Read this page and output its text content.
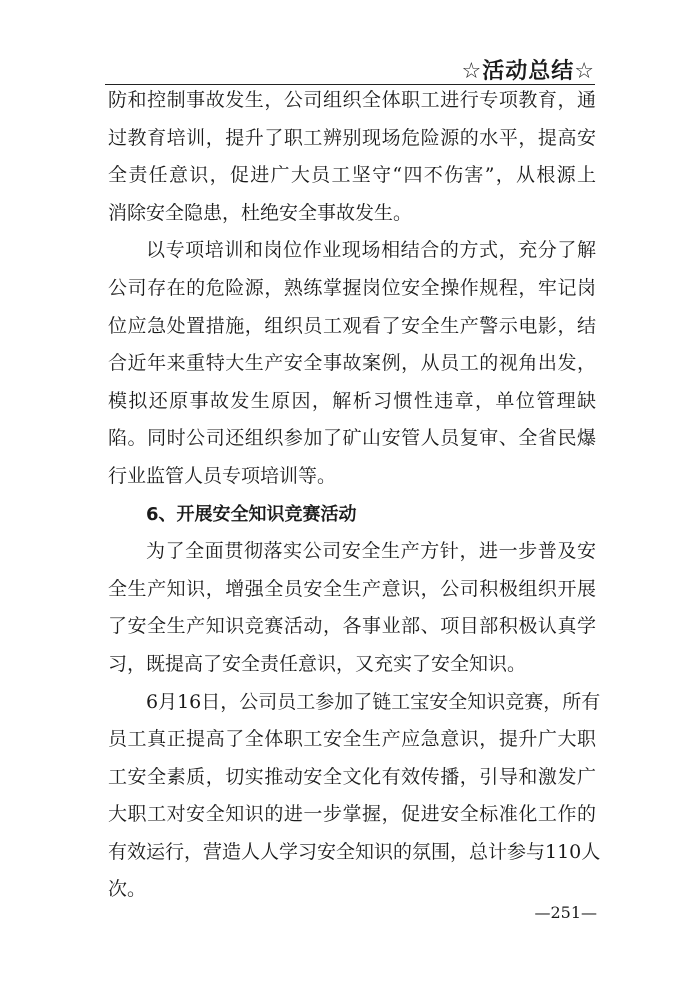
☆活动总结☆
防和控制事故发生，公司组织全体职工进行专项教育，通
过教育培训，提升了职工辨别现场危险源的水平，提高安
全责任意识，促进广大员工坚守“四不伤害”，从根源上
消除安全隐患，杜绝安全事故发生。
以专项培训和岗位作业现场相结合的方式，充分了解
公司存在的危险源，熟练掌握岗位安全操作规程，牢记岗
位应急处置措施，组织员工观看了安全生产警示电影，结
合近年来重特大生产安全事故案例，从员工的视角出发，
模拟还原事故发生原因，解析习惯性违章，单位管理缺
陷。同时公司还组织参加了矿山安管人员复审、全省民爆
行业监管人员专项培训等。
6、开展安全知识竞赛活动
为了全面贯彻落实公司安全生产方针，进一步普及安
全生产知识，增强全员安全生产意识，公司积极组织开展
了安全生产知识竞赛活动，各事业部、项目部积极认真学
习，既提高了安全责任意识，又充实了安全知识。
6月16日，公司员工参加了链工宝安全知识竞赛，所有
员工真正提高了全体职工安全生产应急意识，提升广大职
工安全素质，切实推动安全文化有效传播，引导和激发广
大职工对安全知识的进一步掌握，促进安全标准化工作的
有效运行，营造人人学习安全知识的氛围，总计参与110人
次。
—251—
